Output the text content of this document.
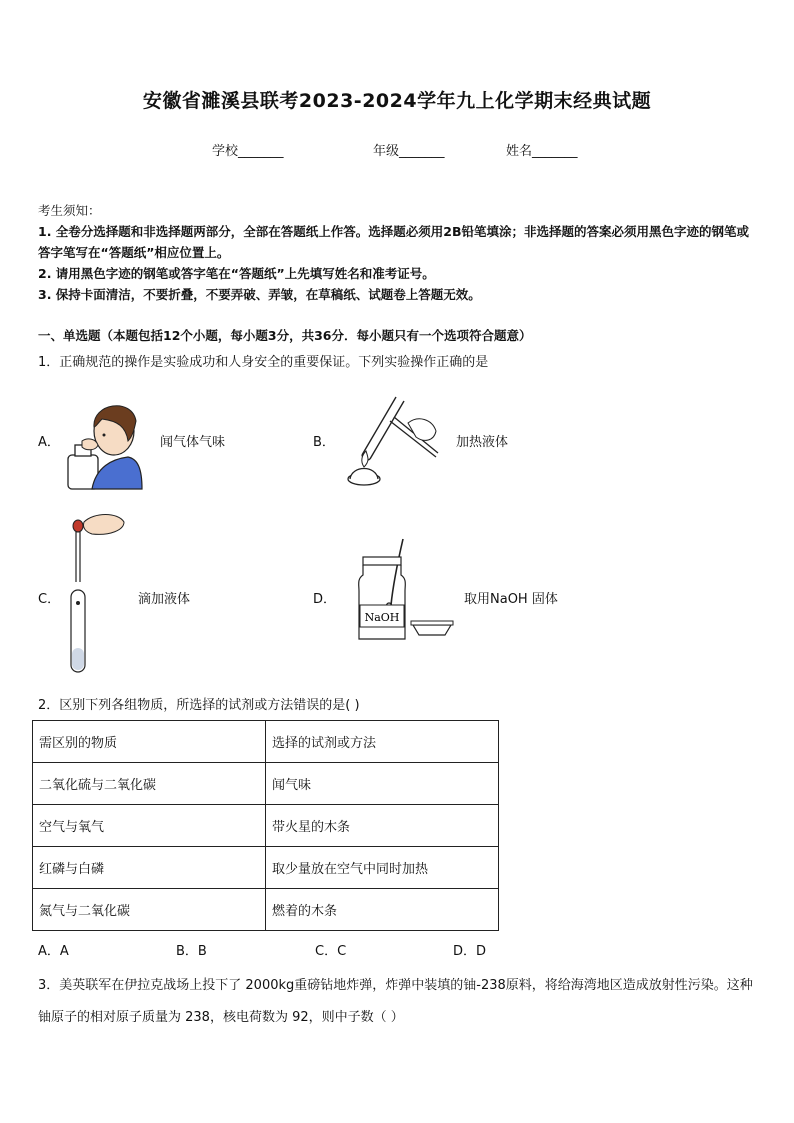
安徽省濉溪县联考2023-2024学年九上化学期末经典试题
学校_______	年级_______	姓名_______

考生须知：

1. 全卷分选择题和非选择题两部分，全部在答题纸上作答。选择题必须用2B铅笔填涂；非选择题的答案必须用黑色字迹的钢笔或答字笔写在“答题纸”相应位置上。

2. 请用黑色字迹的钢笔或答字笔在“答题纸”上先填写姓名和准考证号。

3. 保持卡面清洁，不要折叠，不要弄破、弄皱，在草稿纸、试题卷上答题无效。

一、单选题（本题包括12个小题，每小题3分，共36分．每小题只有一个选项符合题意）
1．正确规范的操作是实验成功和人身安全的重要保证。下列实验操作正确的是
A．	闻气体气味	B．	加热液体
C．	滴加液体	D．
NaOH
取用NaOH 固体
2．区别下列各组物质，所选择的试剂或方法错误的是( )
需区别的物质	选择的试剂或方法
二氧化硫与二氧化碳	闻气味
空气与氧气	带火星的木条
红磷与白磷	取少量放在空气中同时加热
氮气与二氧化碳	燃着的木条
A．A	B．B	C．C	D．D
3．美英联军在伊拉克战场上投下了 2000kg重磅钻地炸弹，炸弹中装填的铀-238原料，将给海湾地区造成放射性污染。这种铀原子的相对原子质量为 238，核电荷数为 92，则中子数（ ）
